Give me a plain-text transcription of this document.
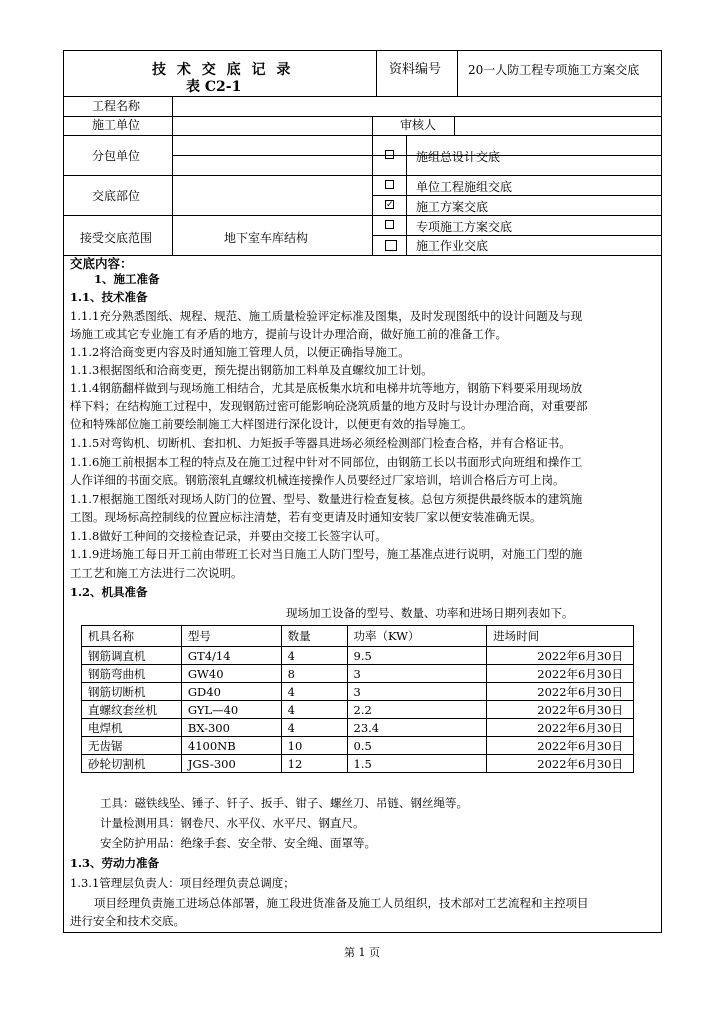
技 术 交 底 记 录
表 C2-1
资料编号 20一人防工程专项施工方案交底
工程名称
施工单位	审核人
分包单位
交底部位
接受交底范围	地下室车库结构
施组总设计交底
单位工程施组交底
✓ 施工方案交底
专项施工方案交底
施工作业交底
交底内容：
1、施工准备
1.1、技术准备
1.1.1充分熟悉图纸、规程、规范、施工质量检验评定标准及图集，及时发现图纸中的设计问题及与现
场施工或其它专业施工有矛盾的地方，提前与设计办理洽商，做好施工前的准备工作。
1.1.2将洽商变更内容及时通知施工管理人员，以便正确指导施工。
1.1.3根据图纸和洽商变更，预先提出钢筋加工料单及直螺纹加工计划。
1.1.4钢筋翻样做到与现场施工相结合，尤其是底板集水坑和电梯井坑等地方，钢筋下料要采用现场放
样下料；在结构施工过程中，发现钢筋过密可能影响砼浇筑质量的地方及时与设计办理洽商，对重要部
位和特殊部位施工前要绘制施工大样图进行深化设计，以便更有效的指导施工。
1.1.5对弯钩机、切断机、套扣机、力矩扳手等器具进场必须经检测部门检查合格，并有合格证书。
1.1.6施工前根据本工程的特点及在施工过程中针对不同部位，由钢筋工长以书面形式向班组和操作工
人作详细的书面交底。钢筋滚轧直螺纹机械连接操作人员要经过厂家培训，培训合格后方可上岗。
1.1.7根据施工图纸对现场人防门的位置、型号、数量进行检查复核。总包方须提供最终版本的建筑施
工图。现场标高控制线的位置应标注清楚，若有变更请及时通知安装厂家以便安装准确无误。
1.1.8做好工种间的交接检查记录，并要由交接工长签字认可。
1.1.9进场施工每日开工前由带班工长对当日施工人防门型号，施工基准点进行说明，对施工门型的施
工工艺和施工方法进行二次说明。
1.2、机具准备
现场加工设备的型号、数量、功率和进场日期列表如下。
机具名称	型号	数量	功率（KW）	进场时间
钢筋调直机	GT4/14	4	9.5	2022年6月30日
钢筋弯曲机	GW40	8	3	2022年6月30日
钢筋切断机	GD40	4	3	2022年6月30日
直螺纹套丝机	GYL—40	4	2.2	2022年6月30日
电焊机	BX-300	4	23.4	2022年6月30日
无齿锯	4100NB	10	0.5	2022年6月30日
砂轮切割机	JGS-300	12	1.5	2022年6月30日
工具：磁铁线坠、锤子、钎子、扳手、钳子、螺丝刀、吊链、钢丝绳等。
计量检测用具：钢卷尺、水平仪、水平尺、钢直尺。
安全防护用品：绝缘手套、安全带、安全绳、面罩等。
1.3、劳动力准备
1.3.1管理层负责人：项目经理负责总调度；
项目经理负责施工进场总体部署，施工段进货准备及施工人员组织，技术部对工艺流程和主控项目
进行安全和技术交底。
第 1 页
